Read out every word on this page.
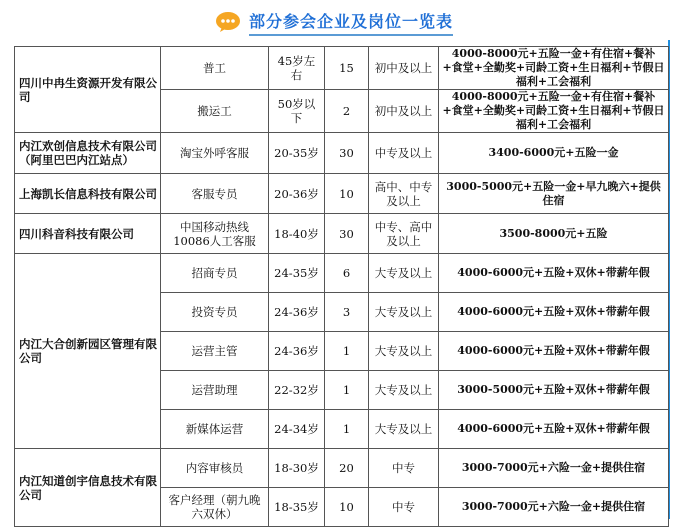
部分参会企业及岗位一览表
四川中冉生资源开发有限公司	普工	45岁左右	15	初中及以上	4000-8000元+五险一金+有住宿+餐补+食堂+全勤奖+司龄工资+生日福利+节假日福利+工会福利
	搬运工	50岁以下	2	初中及以上	4000-8000元+五险一金+有住宿+餐补+食堂+全勤奖+司龄工资+生日福利+节假日福利+工会福利
内江欢创信息技术有限公司（阿里巴巴内江站点）	淘宝外呼客服	20-35岁	30	中专及以上	3400-6000元+五险一金
上海凯长信息科技有限公司	客服专员	20-36岁	10	高中、中专及以上	3000-5000元+五险一金+早九晚六+提供住宿
四川科音科技有限公司	中国移动热线10086人工客服	18-40岁	30	中专、高中及以上	3500-8000元+五险
内江大合创新园区管理有限公司	招商专员	24-35岁	6	大专及以上	4000-6000元+五险+双休+带薪年假
	投资专员	24-36岁	3	大专及以上	4000-6000元+五险+双休+带薪年假
	运营主管	24-36岁	1	大专及以上	4000-6000元+五险+双休+带薪年假
	运营助理	22-32岁	1	大专及以上	3000-5000元+五险+双休+带薪年假
	新媒体运营	24-34岁	1	大专及以上	4000-6000元+五险+双休+带薪年假
内江知道创宇信息技术有限公司	内容审核员	18-30岁	20	中专	3000-7000元+六险一金+提供住宿
	客户经理（朝九晚六双休）	18-35岁	10	中专	3000-7000元+六险一金+提供住宿
